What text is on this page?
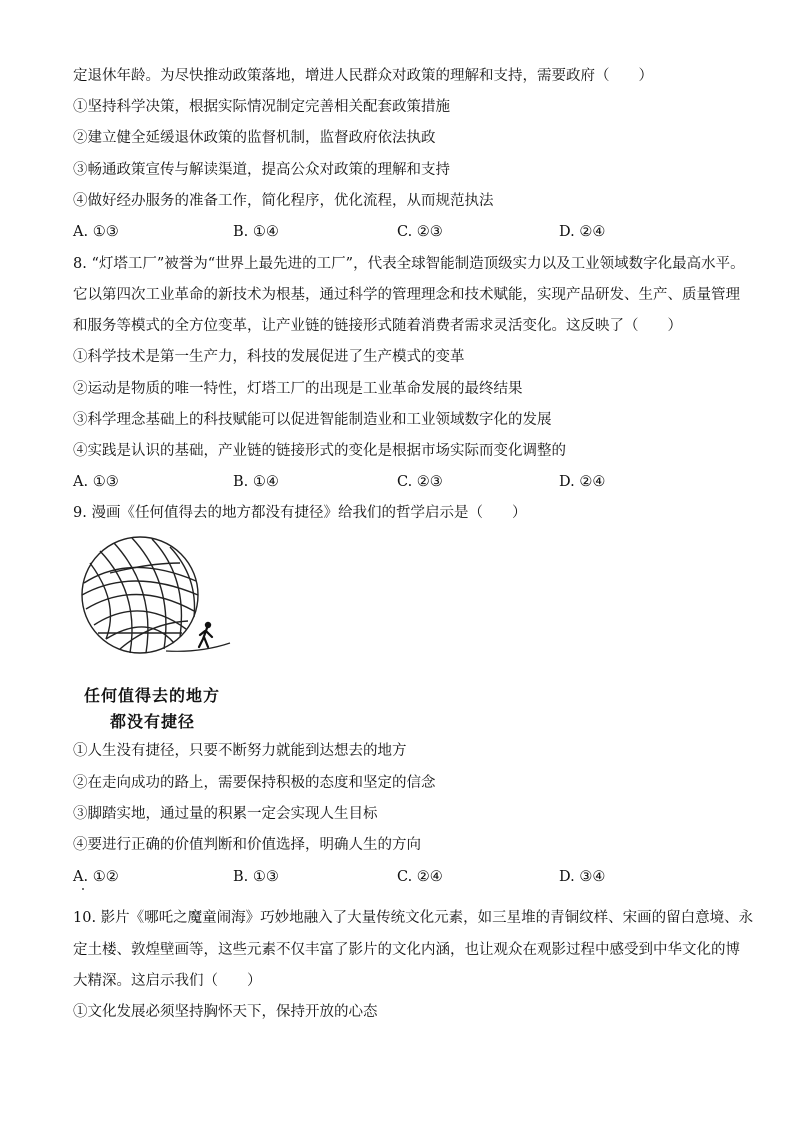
定退休年龄。为尽快推动政策落地，增进人民群众对政策的理解和支持，需要政府（　　）
①坚持科学决策，根据实际情况制定完善相关配套政策措施
②建立健全延缓退休政策的监督机制，监督政府依法执政
③畅通政策宣传与解读渠道，提高公众对政策的理解和支持
④做好经办服务的准备工作，简化程序，优化流程，从而规范执法
A. ①③	B. ①④	C. ②③	D. ②④
8. “灯塔工厂”被誉为“世界上最先进的工厂”，代表全球智能制造顶级实力以及工业领域数字化最高水平。
它以第四次工业革命的新技术为根基，通过科学的管理理念和技术赋能，实现产品研发、生产、质量管理
和服务等模式的全方位变革，让产业链的链接形式随着消费者需求灵活变化。这反映了（　　）
①科学技术是第一生产力，科技的发展促进了生产模式的变革
②运动是物质的唯一特性，灯塔工厂的出现是工业革命发展的最终结果
③科学理念基础上的科技赋能可以促进智能制造业和工业领域数字化的发展
④实践是认识的基础，产业链的链接形式的变化是根据市场实际而变化调整的
A. ①③	B. ①④	C. ②③	D. ②④
9. 漫画《任何值得去的地方都没有捷径》给我们的哲学启示是（　　）
任何值得去的地方
都没有捷径
①人生没有捷径，只要不断努力就能到达想去的地方
②在走向成功的路上，需要保持积极的态度和坚定的信念
③脚踏实地，通过量的积累一定会实现人生目标
④要进行正确的价值判断和价值选择，明确人生的方向
A. ①②	B. ①③	C. ②④	D. ③④
10. 影片《哪吒之魔童闹海》巧妙地融入了大量传统文化元素，如三星堆的青铜纹样、宋画的留白意境、永
定土楼、敦煌壁画等，这些元素不仅丰富了影片的文化内涵，也让观众在观影过程中感受到中华文化的博
大精深。这启示我们（　　）
①文化发展必须坚持胸怀天下，保持开放的心态
